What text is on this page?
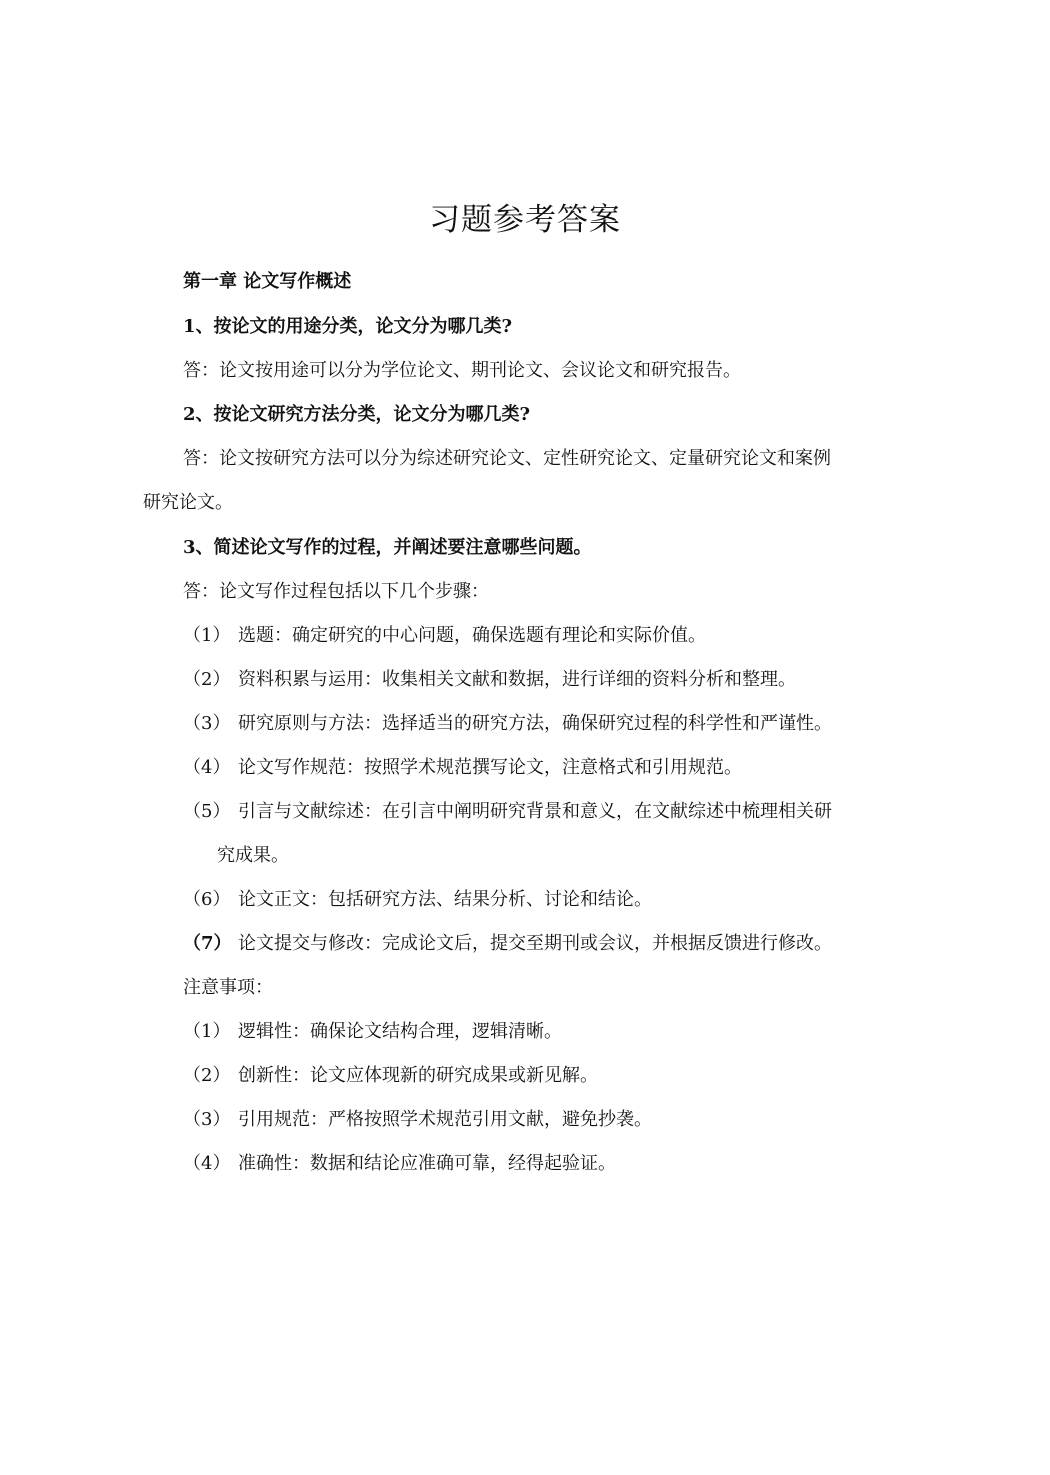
习题参考答案

第一章 论文写作概述

1、按论文的用途分类，论文分为哪几类?

答：论文按用途可以分为学位论文、期刊论文、会议论文和研究报告。

2、按论文研究方法分类，论文分为哪几类?

答：论文按研究方法可以分为综述研究论文、定性研究论文、定量研究论文和案例

研究论文。

3、简述论文写作的过程，并阐述要注意哪些问题。

答：论文写作过程包括以下几个步骤：

（1） 选题：确定研究的中心问题，确保选题有理论和实际价值。
（2） 资料积累与运用：收集相关文献和数据，进行详细的资料分析和整理。
（3） 研究原则与方法：选择适当的研究方法，确保研究过程的科学性和严谨性。
（4） 论文写作规范：按照学术规范撰写论文，注意格式和引用规范。
（5） 引言与文献综述：在引言中阐明研究背景和意义，在文献综述中梳理相关研

究成果。

（6） 论文正文：包括研究方法、结果分析、讨论和结论。
（7） 论文提交与修改：完成论文后，提交至期刊或会议，并根据反馈进行修改。

注意事项：

（1） 逻辑性：确保论文结构合理，逻辑清晰。
（2） 创新性：论文应体现新的研究成果或新见解。
（3） 引用规范：严格按照学术规范引用文献，避免抄袭。
（4） 准确性：数据和结论应准确可靠，经得起验证。
